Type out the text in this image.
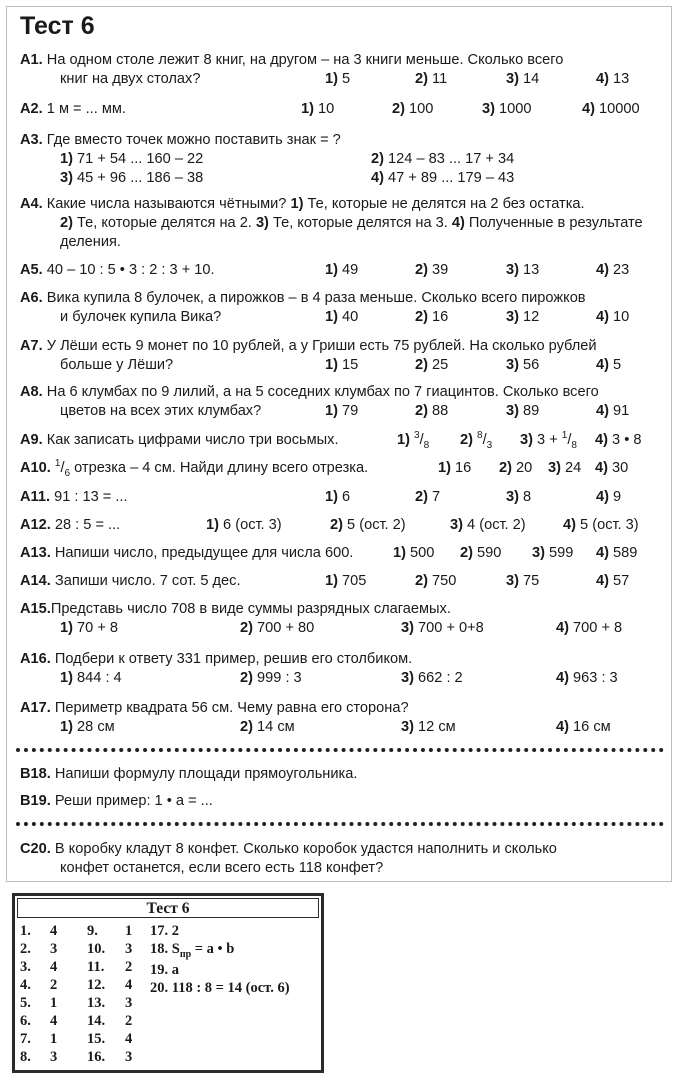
Тест 6
А1. На одном столе лежит 8 книг, на другом – на 3 книги меньше. Сколько всего
книг на двух столах?	1) 5	2) 11	3) 14	4) 13
А2. 1 м = ... мм.	1) 10	2) 100	3) 1000	4) 10000
А3. Где вместо точек можно поставить знак = ?
1) 71 + 54 ... 160 – 22	2) 124 – 83 ... 17 + 34
3) 45 + 96 ... 186 – 38	4) 47 + 89 ... 179 – 43
А4. Какие числа называются чётными? 1) Те, которые не делятся на 2 без остатка.
2) Те, которые делятся на 2. 3) Те, которые делятся на 3. 4) Полученные в результате деления.
А5. 40 – 10 : 5 • 3 : 2 : 3 + 10.	1) 49	2) 39	3) 13	4) 23
А6. Вика купила 8 булочек, а пирожков – в 4 раза меньше. Сколько всего пирожков
и булочек купила Вика?	1) 40	2) 16	3) 12	4) 10
А7. У Лёши есть 9 монет по 10 рублей, а у Гриши есть 75 рублей. На сколько рублей
больше у Лёши?	1) 15	2) 25	3) 56	4) 5
А8. На 6 клумбах по 9 лилий, а на 5 соседних клумбах по 7 гиацинтов. Сколько всего
цветов на всех этих клумбах?	1) 79	2) 88	3) 89	4) 91
А9. Как записать цифрами число три восьмых.	1) $^3/_8$ 2) $^8/_3$ 3) $3 + ^1/_8$ 4) 3 • 8
А10. $^1/_6$ отрезка – 4 см. Найди длину всего отрезка.	1) 16 2) 20 3) 24 4) 30
А11. 91 : 13 = ...	1) 6	2) 7	3) 8	4) 9
А12. 28 : 5 = ...	1) 6 (ост. 3)	2) 5 (ост. 2)	3) 4 (ост. 2)	4) 5 (ост. 3)
А13. Напиши число, предыдущее для числа 600.	1) 500 2) 590 3) 599 4) 589
А14. Запиши число. 7 сот. 5 дес.	1) 705	2) 750	3) 75	4) 57
А15.Представь число 708 в виде суммы разрядных слагаемых.
1) 70 + 8	2) 700 + 80	3) 700 + 0+8	4) 700 + 8
А16. Подбери к ответу 331 пример, решив его столбиком.
1) 844 : 4	2) 999 : 3	3) 662 : 2	4) 963 : 3
А17. Периметр квадрата 56 см. Чему равна его сторона?
1) 28 см	2) 14 см	3) 12 см	4) 16 см
В18. Напиши формулу площади прямоугольника.
В19. Реши пример: 1 • а = ...
С20. В коробку кладут 8 конфет. Сколько коробок удастся наполнить и сколько
конфет останется, если всего есть 118 конфет?
Тест 6
1. 4
2. 3
3. 4
4. 2
5. 1
6. 4
7. 1
8. 3
9. 1
10. 3
11. 2
12. 4
13. 3
14. 2
15. 4
16. 3
17. 2
18. $S_{пр} = a$ • b
19. a
20. 118 : 8 = 14 (ост. 6)
